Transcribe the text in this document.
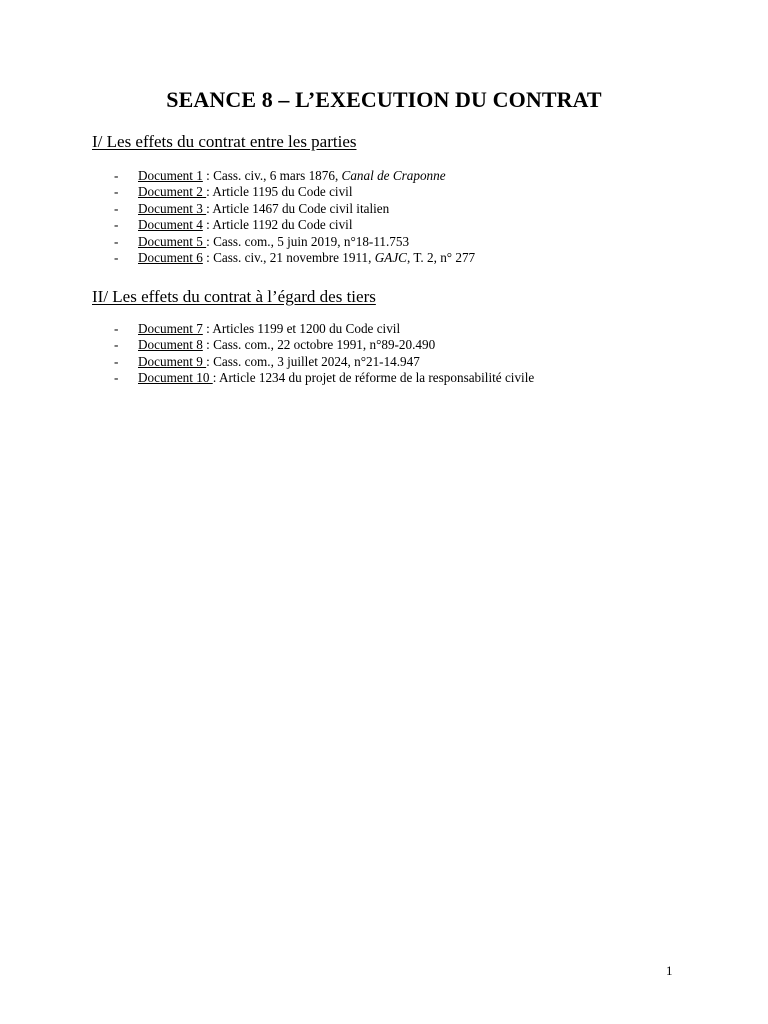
SEANCE 8 – L’EXECUTION DU CONTRAT
I/ Les effets du contrat entre les parties
- Document 1 : Cass. civ., 6 mars 1876, Canal de Craponne
- Document 2 : Article 1195 du Code civil
- Document 3 : Article 1467 du Code civil italien
- Document 4 : Article 1192 du Code civil
- Document 5 : Cass. com., 5 juin 2019, n°18-11.753
- Document 6 : Cass. civ., 21 novembre 1911, GAJC, T. 2, n° 277
II/ Les effets du contrat à l’égard des tiers
- Document 7 : Articles 1199 et 1200 du Code civil
- Document 8 : Cass. com., 22 octobre 1991, n°89-20.490
- Document 9 : Cass. com., 3 juillet 2024, n°21-14.947
- Document 10 : Article 1234 du projet de réforme de la responsabilité civile
1
